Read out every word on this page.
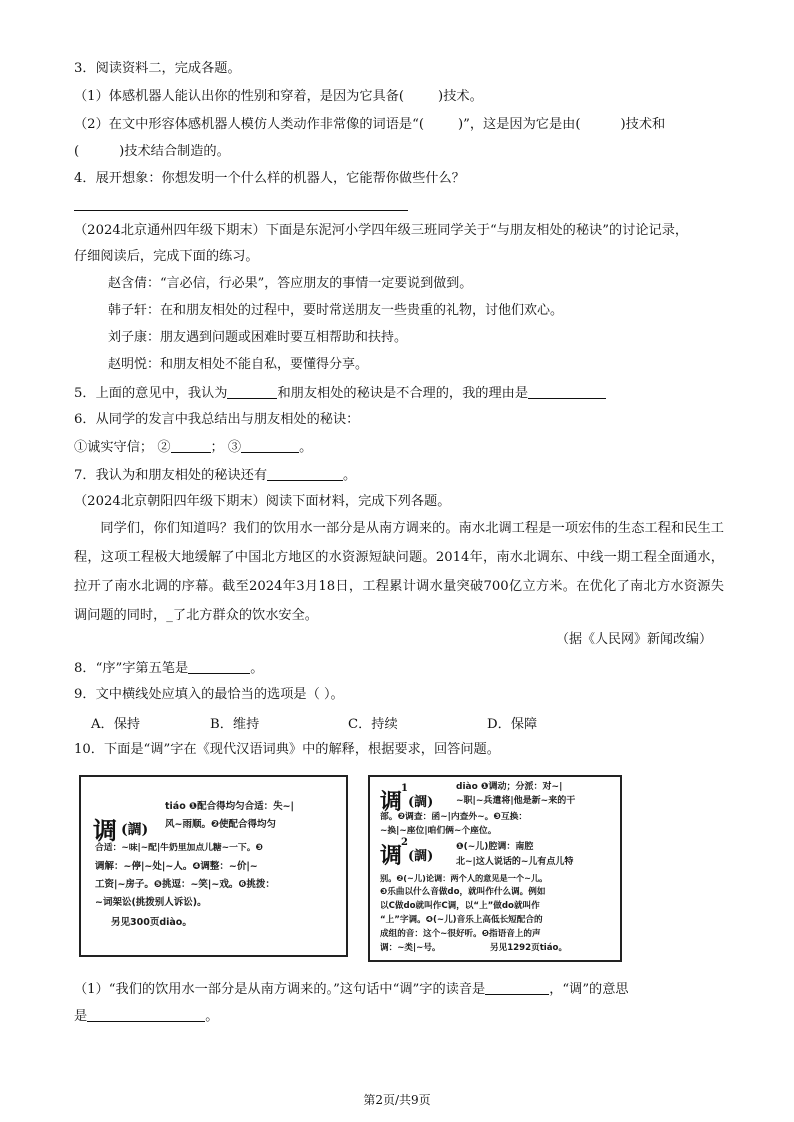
3．阅读资料二，完成各题。
（1）体感机器人能认出你的性别和穿着，是因为它具备(	)技术。
（2）在文中形容体感机器人模仿人类动作非常像的词语是“(	)”，这是因为它是由(	)技术和
(	)技术结合制造的。
4．展开想象：你想发明一个什么样的机器人，它能帮你做些什么？
（2024北京通州四年级下期末）下面是东泥河小学四年级三班同学关于“与朋友相处的秘诀”的讨论记录，
仔细阅读后，完成下面的练习。
赵含倩：“言必信，行必果”，答应朋友的事情一定要说到做到。
韩子轩：在和朋友相处的过程中，要时常送朋友一些贵重的礼物，讨他们欢心。
刘子康：朋友遇到问题或困难时要互相帮助和扶持。
赵明悦：和朋友相处不能自私，要懂得分享。
5．上面的意见中，我认为	和朋友相处的秘诀是不合理的，我的理由是
6．从同学的发言中我总结出与朋友相处的秘诀：
①诚实守信； ②	； ③	。
7．我认为和朋友相处的秘诀还有	。
（2024北京朝阳四年级下期末）阅读下面材料，完成下列各题。
同学们，你们知道吗？我们的饮用水一部分是从南方调来的。南水北调工程是一项宏伟的生态工程和民生工程，这项工程极大地缓解了中国北方地区的水资源短缺问题。2014年，南水北调东、中线一期工程全面通水，拉开了南水北调的序幕。截至2024年3月18日，工程累计调水量突破700亿立方米。在优化了南北方水资源失调问题的同时，_了北方群众的饮水安全。
（据《人民网》新闻改编）
8．“序”字第五笔是	。
9．文中横线处应填入的最恰当的选项是（ ）。
A．保持	B．维持	C．持续	D．保障
10．下面是“调”字在《现代汉语词典》中的解释，根据要求，回答问题。
调 (調)
tiáo ❶配合得均匀合适：失~|
风~雨顺。❷使配合得均匀
合适：~味|~配|牛奶里加点儿糖~一下。❸
调解：~停|~处|~人。❹调整：~价|~
工资|~房子。❺挑逗：~笑|~戏。❻挑拨：
~词架讼(挑拨别人诉讼)。
另见300页diào。
调
1
(調)
调
2
(調)
diào ❶调动；分派：对~|
~职|~兵遣将|他是新~来的干
部。❷调查：函~|内查外~。❸互换：
~换|~座位|咱们俩~个座位。
❶(~儿)腔调：南腔
北~|这人说话的~儿有点儿特
别。❷(~儿)论调：两个人的意见是一个~儿。
❸乐曲以什么音做do，就叫作什么调。例如
以C做do就叫作C调，以“上”做do就叫作
“上”字调。❹(~儿)音乐上高低长短配合的
成组的音：这个~很好听。❺指语音上的声
调：~类|~号。	另见1292页tiáo。
（1）“我们的饮用水一部分是从南方调来的。”这句话中“调”字的读音是	，“调”的意思
是	。
第2页/共9页
